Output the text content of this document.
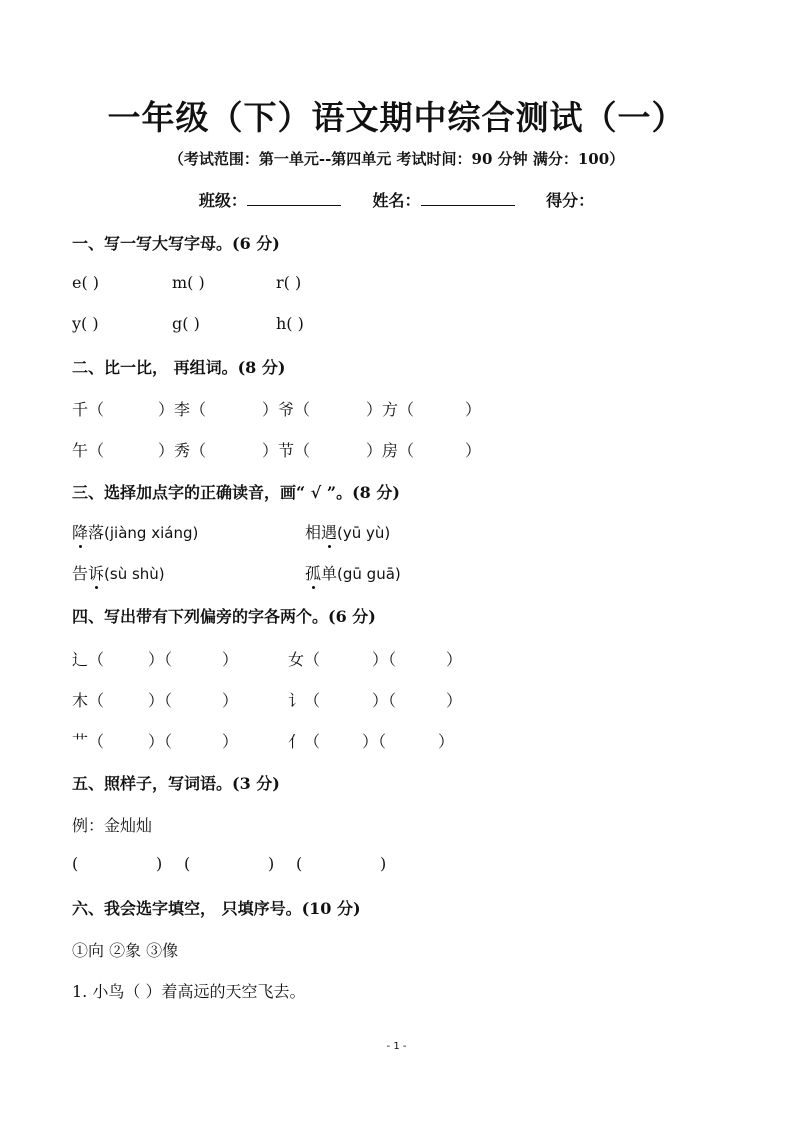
一年级（下）语文期中综合测试（一）
（考试范围：第一单元--第四单元 考试时间：90 分钟 满分：100）
班级：	姓名：	得分：
一、写一写大写字母。(6 分)
e( )	m( )	r( )
y( )	g( )	h( )
二、比一比， 再组词。(8 分)
千（	）李（	）爷（	）方（	）
午（	）秀（	）节（	）房（	）
三、选择加点字的正确读音，画“ √ ”。(8 分)
降落(jiàng xiáng)	相遇(yū yù)
告诉(sù shù)	孤单(gū guā)
四、写出带有下列偏旁的字各两个。(6 分)
辶（	）（	）	女（	）（	）
木（	）（	）	讠（	）（	）
艹（	）（	）	亻（	）（	）
五、照样子，写词语。(3 分)
例：金灿灿
(	) (	) (	)
六、我会选字填空， 只填序号。(10 分)
①向 ②象 ③像
1. 小鸟（ ）着高远的天空飞去。
- 1 -
